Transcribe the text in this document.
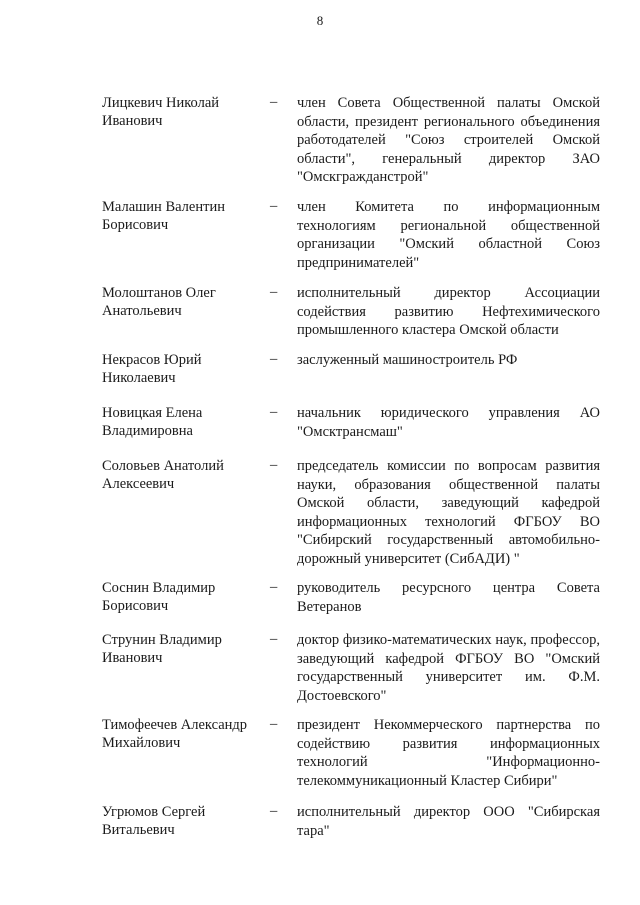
8
Лицкевич Николай
Иванович
– член Совета Общественной палаты Омской области, президент регионального объединения работодателей "Союз строителей Омской области", генеральный директор ЗАО "Омскгражданстрой"
Малашин Валентин
Борисович
– член Комитета по информационным технологиям региональной общественной организации "Омский областной Союз предпринимателей"
Молоштанов Олег
Анатольевич
– исполнительный директор Ассоциации содействия развитию Нефтехимического промышленного кластера Омской области
Некрасов Юрий
Николаевич
– заслуженный машиностроитель РФ
Новицкая Елена
Владимировна
– начальник юридического управления АО "Омсктрансмаш"
Соловьев Анатолий
Алексеевич
– председатель комиссии по вопросам развития науки, образования общественной палаты Омской области, заведующий кафедрой информационных технологий ФГБОУ ВО "Сибирский государственный автомобильно-дорожный университет (СибАДИ) "
Соснин Владимир
Борисович
– руководитель ресурсного центра Совета Ветеранов
Струнин Владимир
Иванович
– доктор физико-математических наук, профессор, заведующий кафедрой ФГБОУ ВО "Омский государственный университет им. Ф.М. Достоевского"
Тимофеечев Александр
Михайлович
– президент Некоммерческого партнерства по содействию развития информационных технологий "Информационно-телекоммуникационный Кластер Сибири"
Угрюмов Сергей
Витальевич
– исполнительный директор ООО "Сибирская тара"
